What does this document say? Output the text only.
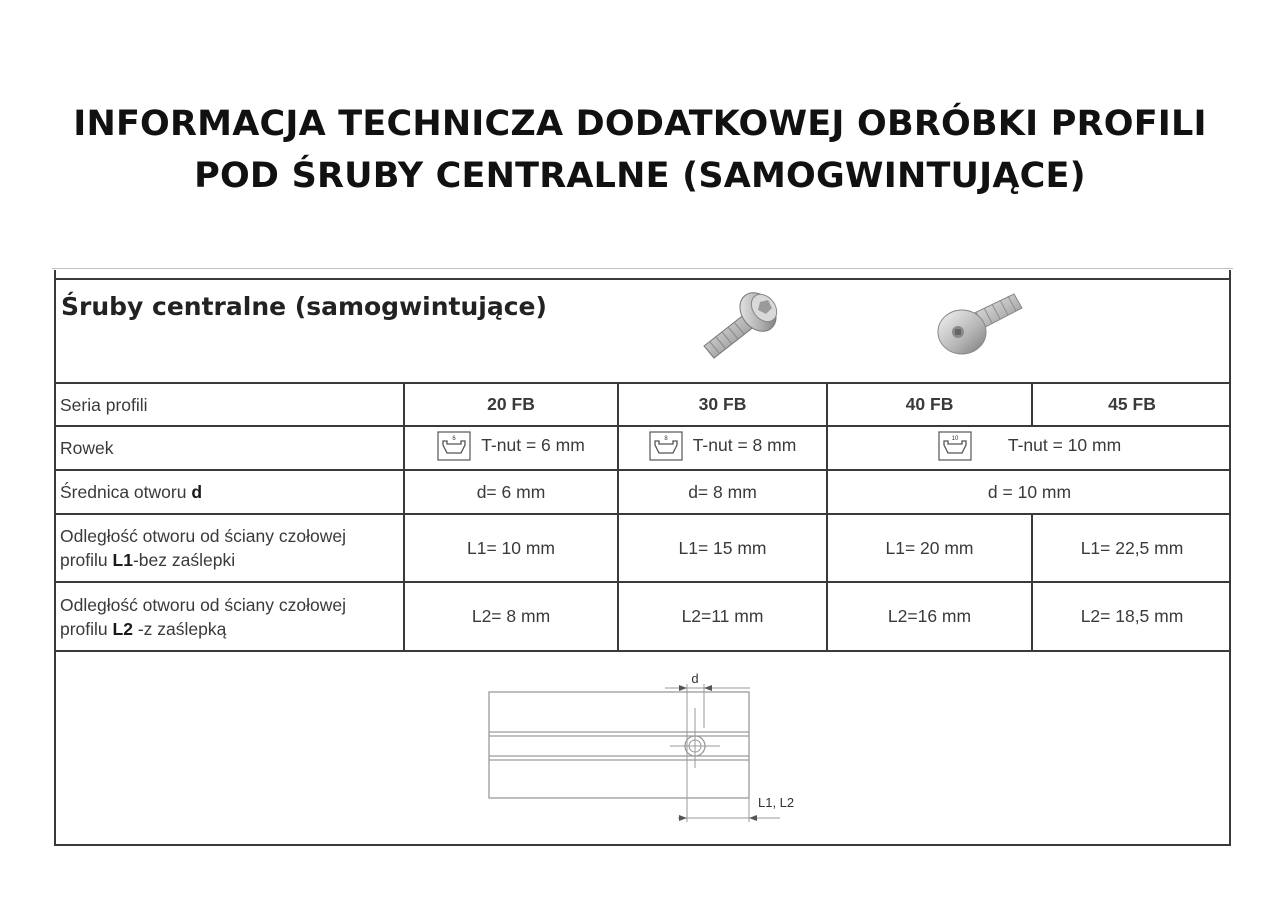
INFORMACJA TECHNICZA DODATKOWEJ OBRÓBKI PROFILI
POD ŚRUBY CENTRALNE (SAMOGWINTUJĄCE)
Śruby centralne (samogwintujące)
Seria profili	20 FB	30 FB	40 FB	45 FB
Rowek	6 T-nut = 6 mm	8 T-nut = 8 mm	10 T-nut = 10 mm	

Średnica otworu d	d= 6 mm	d= 8 mm	d = 10 mm	

Odległość otworu od ściany czołowej
profilu L1-bez zaślepki	L1= 10 mm	L1= 15 mm	L1= 20 mm	L1= 22,5 mm

Odległość otworu od ściany czołowej
profilu L2 -z zaślepką	L2= 8 mm	L2=11 mm	L2=16 mm	L2= 18,5 mm
d
L1, L2
